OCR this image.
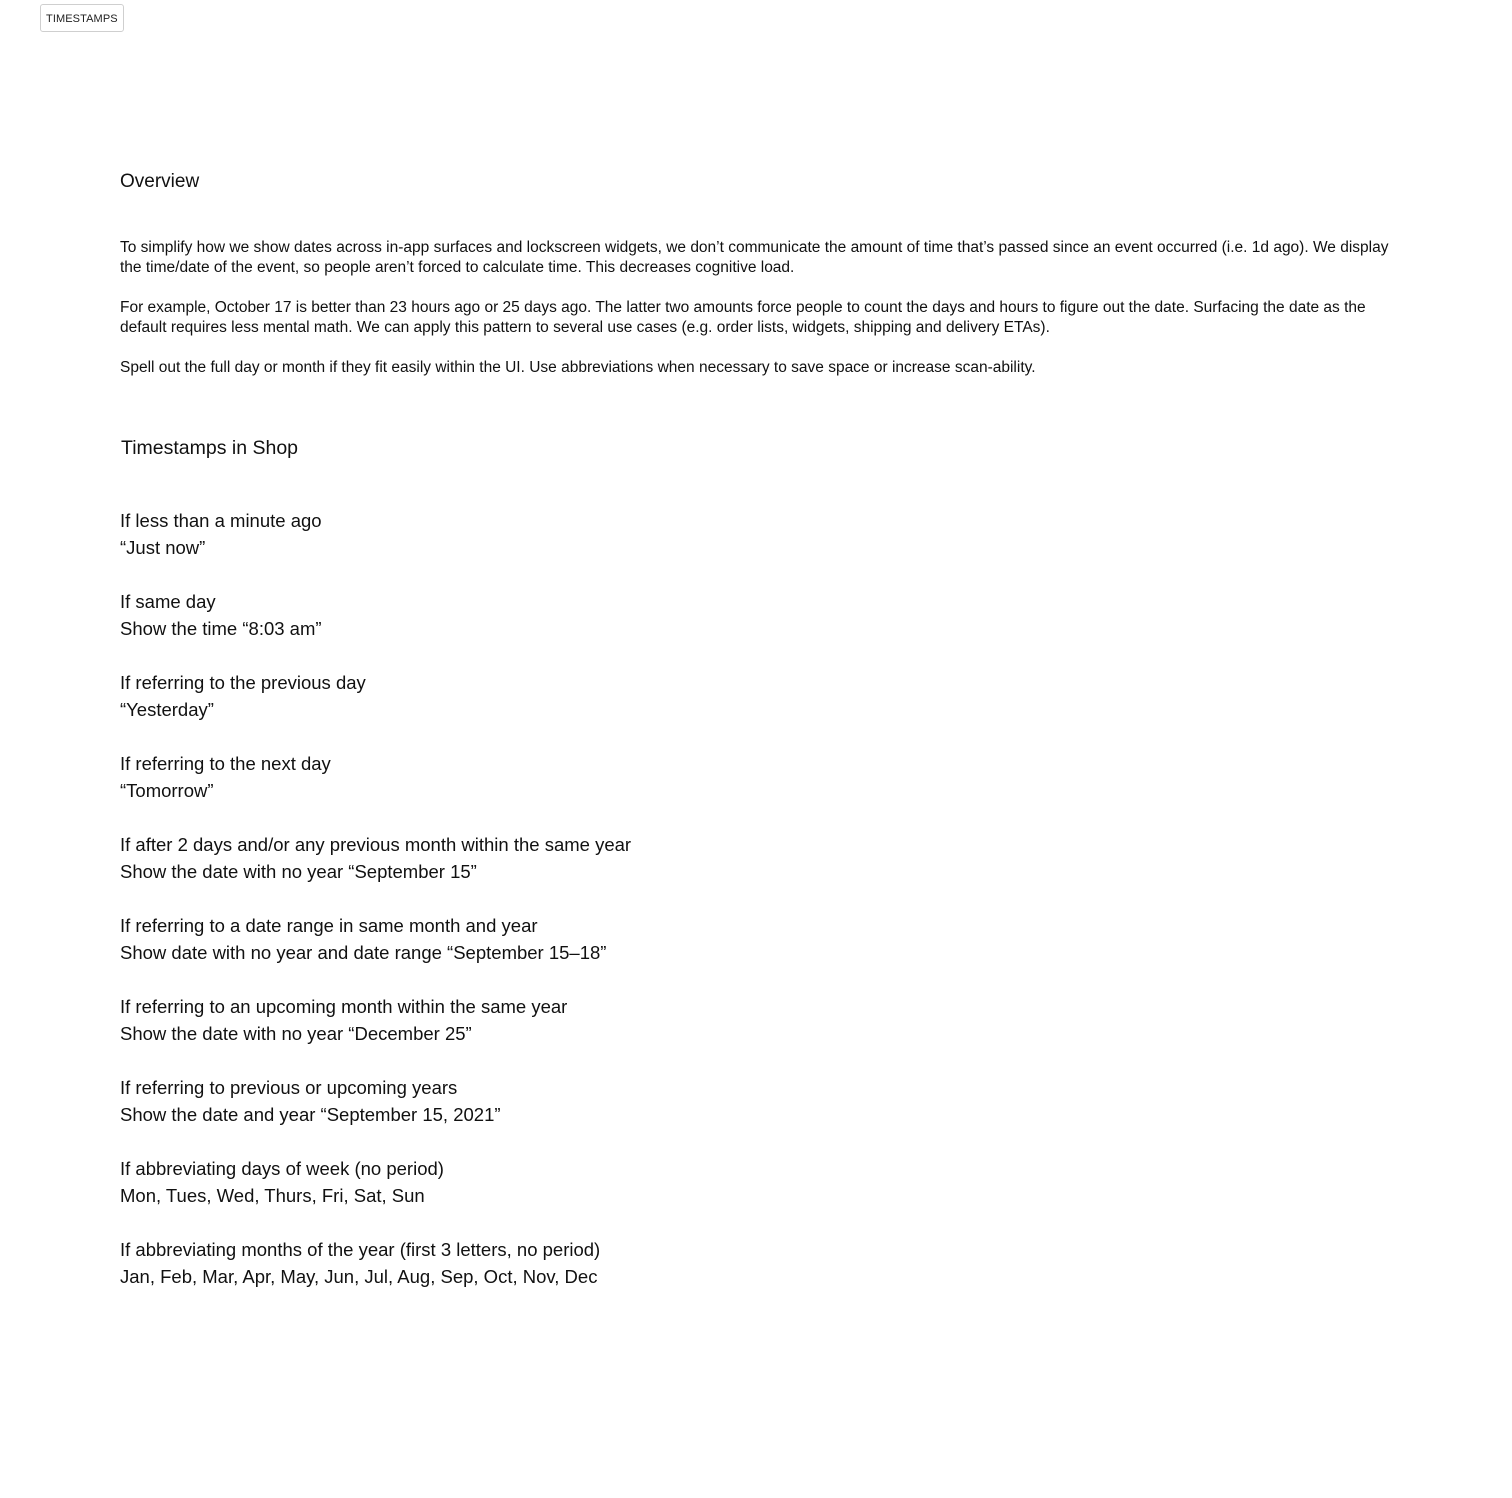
TIMESTAMPS
Overview

To simplify how we show dates across in-app surfaces and lockscreen widgets, we don’t communicate the amount of time that’s passed since an event occurred (i.e. 1d ago). We display the time/date of the event, so people aren’t forced to calculate time. This decreases cognitive load.

For example, October 17 is better than 23 hours ago or 25 days ago. The latter two amounts force people to count the days and hours to figure out the date. Surfacing the date as the default requires less mental math. We can apply this pattern to several use cases (e.g. order lists, widgets, shipping and delivery ETAs).

Spell out the full day or month if they fit easily within the UI. Use abbreviations when necessary to save space or increase scan-ability.

Timestamps in Shop
If less than a minute ago
“Just now”
If same day
Show the time “8:03 am”
If referring to the previous day
“Yesterday”
If referring to the next day
“Tomorrow”
If after 2 days and/or any previous month within the same year
Show the date with no year “September 15”
If referring to a date range in same month and year
Show date with no year and date range “September 15–18”
If referring to an upcoming month within the same year
Show the date with no year “December 25”
If referring to previous or upcoming years
Show the date and year “September 15, 2021”
If abbreviating days of week (no period)
Mon, Tues, Wed, Thurs, Fri, Sat, Sun
If abbreviating months of the year (first 3 letters, no period)
Jan, Feb, Mar, Apr, May, Jun, Jul, Aug, Sep, Oct, Nov, Dec
